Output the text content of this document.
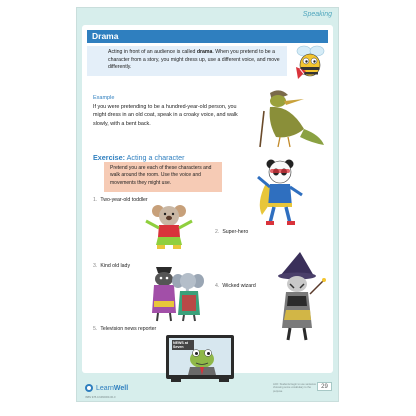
Speaking
Drama
Acting in front of an audience is called drama. When you pretend to be a character from a story, you might dress up, use a different voice, and move differently.
Example
If you were pretending to be a hundred-year-old person, you might dress in an old coat, speak in a croaky voice, and walk slowly, with a bent back.
Exercise: Acting a character
Pretend you are each of these characters and walk around the room. Use the voice and movements they might use.
1. Two-year-old toddler
2. Super-hero
3. Kind old lady
4. Wicked wizard
5. Television news reporter
NEWS at Seven
LearnWell
ISBN 978-0-6460000-00-0
ACF: Students begin to use sentence choosing some vocabulary to the purpose
29
